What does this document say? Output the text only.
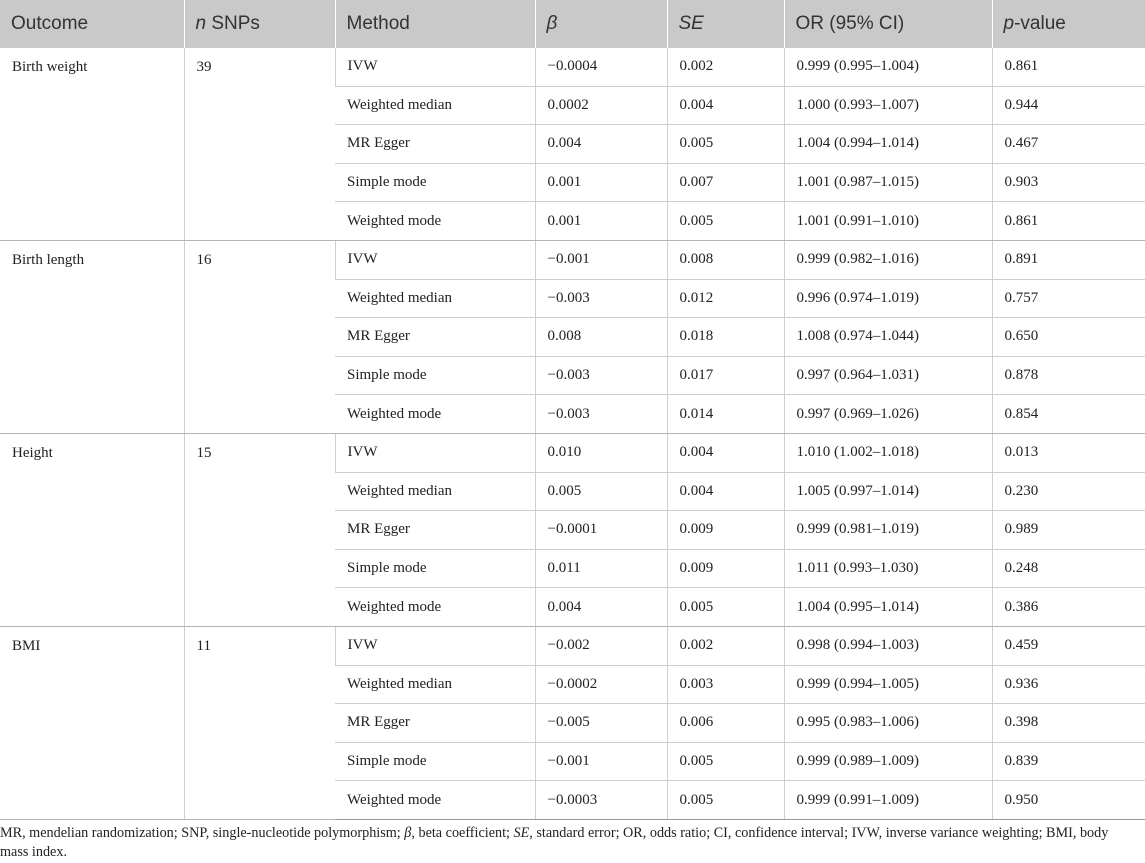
Outcome	n SNPs	Method	β	SE	OR (95% CI)	p-value
Birth weight	39	IVW	−0.0004	0.002	0.999 (0.995–1.004)	0.861
		Weighted median	0.0002	0.004	1.000 (0.993–1.007)	0.944
		MR Egger	0.004	0.005	1.004 (0.994–1.014)	0.467
		Simple mode	0.001	0.007	1.001 (0.987–1.015)	0.903
		Weighted mode	0.001	0.005	1.001 (0.991–1.010)	0.861
Birth length	16	IVW	−0.001	0.008	0.999 (0.982–1.016)	0.891
		Weighted median	−0.003	0.012	0.996 (0.974–1.019)	0.757
		MR Egger	0.008	0.018	1.008 (0.974–1.044)	0.650
		Simple mode	−0.003	0.017	0.997 (0.964–1.031)	0.878
		Weighted mode	−0.003	0.014	0.997 (0.969–1.026)	0.854
Height	15	IVW	0.010	0.004	1.010 (1.002–1.018)	0.013
		Weighted median	0.005	0.004	1.005 (0.997–1.014)	0.230
		MR Egger	−0.0001	0.009	0.999 (0.981–1.019)	0.989
		Simple mode	0.011	0.009	1.011 (0.993–1.030)	0.248
		Weighted mode	0.004	0.005	1.004 (0.995–1.014)	0.386
BMI	11	IVW	−0.002	0.002	0.998 (0.994–1.003)	0.459
		Weighted median	−0.0002	0.003	0.999 (0.994–1.005)	0.936
		MR Egger	−0.005	0.006	0.995 (0.983–1.006)	0.398
		Simple mode	−0.001	0.005	0.999 (0.989–1.009)	0.839
		Weighted mode	−0.0003	0.005	0.999 (0.991–1.009)	0.950
MR, mendelian randomization; SNP, single-nucleotide polymorphism; β, beta coefficient; SE, standard error; OR, odds ratio; CI, confidence interval; IVW, inverse variance weighting; BMI, body mass index.
